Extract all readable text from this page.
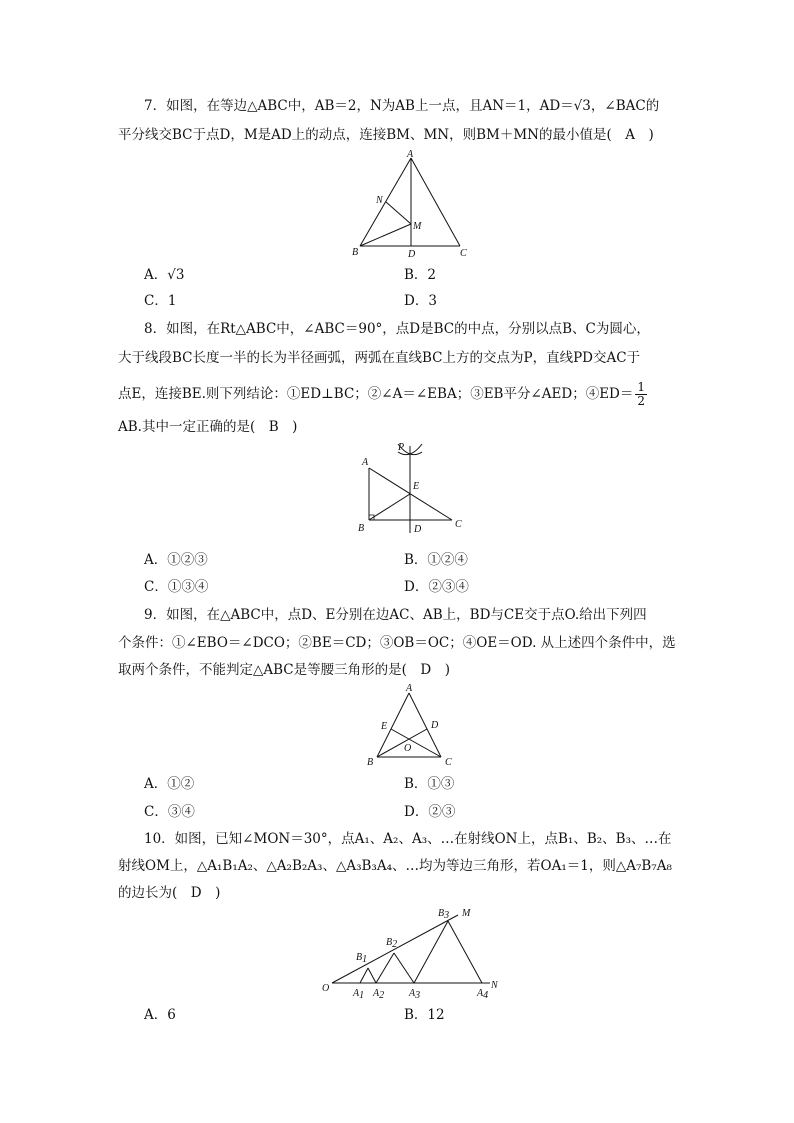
7．如图，在等边△ABC中，AB＝2，N为AB上一点，且AN＝1，AD＝√3，∠BAC的
平分线交BC于点D，M是AD上的动点，连接BM、MN，则BM＋MN的最小值是(　A　)
A
B	C
D
N
M
A．√3	B．2
C．1	D．3
8．如图，在Rt△ABC中，∠ABC＝90°，点D是BC的中点，分别以点B、C为圆心，
大于线段BC长度一半的长为半径画弧，两弧在直线BC上方的交点为P，直线PD交AC于
点E，连接BE.则下列结论：①ED⊥BC；②∠A＝∠EBA；③EB平分∠AED；④ED＝ $\frac{1}{2}$
AB.其中一定正确的是(　B　)
A
B	C
D
E
P
A．①②③	B．①②④
C．①③④	D．②③④
9．如图，在△ABC中，点D、E分别在边AC、AB上，BD与CE交于点O.给出下列四
个条件：①∠EBO＝∠DCO；②BE＝CD；③OB＝OC；④OE＝OD. 从上述四个条件中，选
取两个条件，不能判定△ABC是等腰三角形的是(　D　)
A
B	C
D
E
O
A．①②	B．①③
C．③④	D．②③
10．如图，已知∠MON＝30°，点A₁、A₂、A₃、…在射线ON上，点B₁、B₂、B₃、…在
射线OM上，△A₁B₁A₂、△A₂B₂A₃、△A₃B₃A₄、…均为等边三角形，若OA₁＝1，则△A₇B₇A₈
的边长为(　D　)
O
M
N
A1 A2 A3	A4
B1
B2
B3
A．6	B．12
